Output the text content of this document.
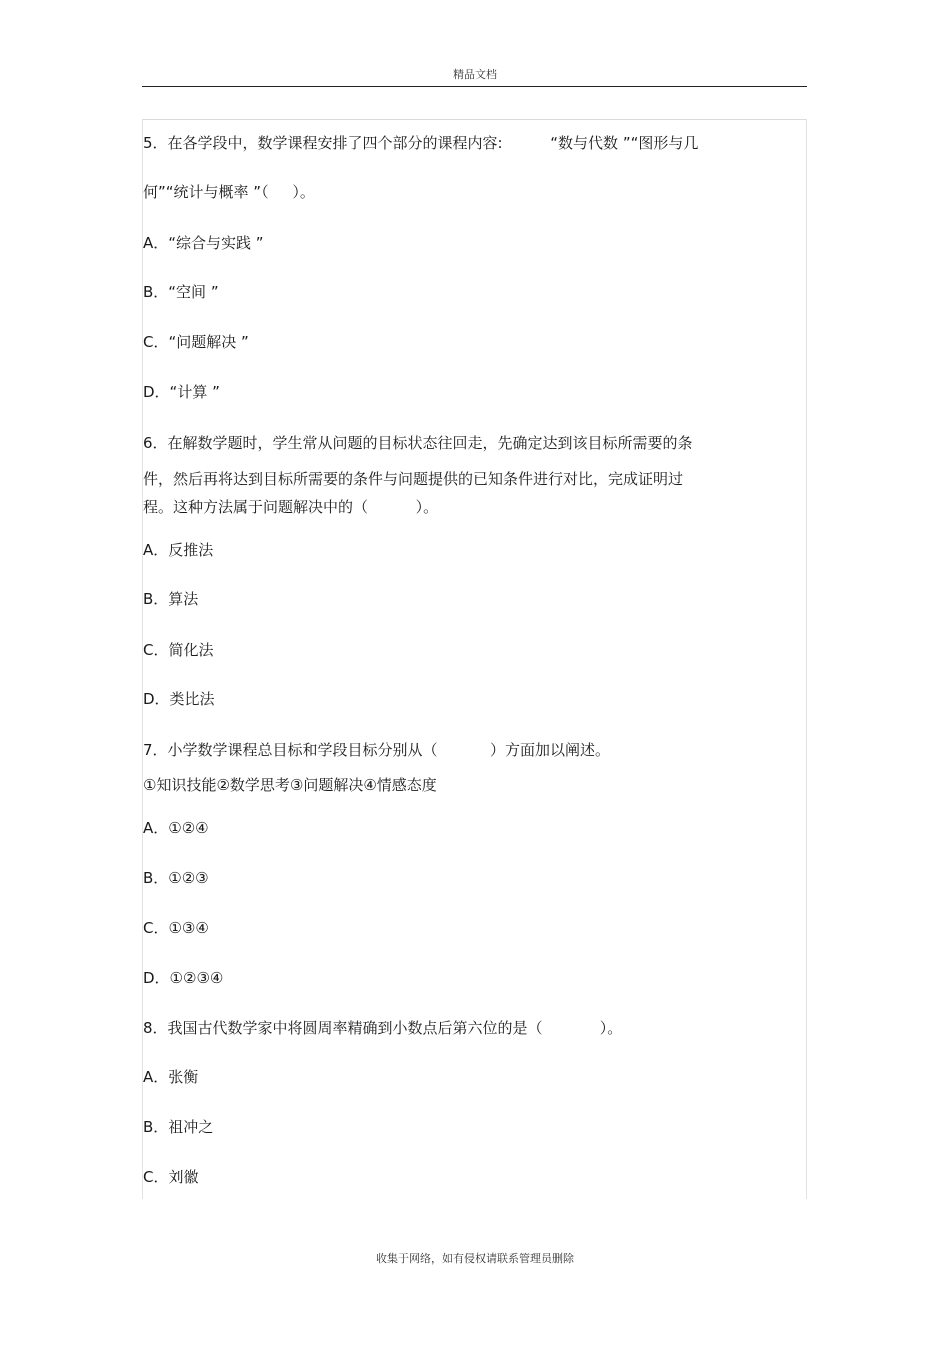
精品文档
5．在各学段中，数学课程安排了四个部分的课程内容:          “数与代数 ”“图形与几
何”“统计与概率 ”（     ）。
A．“综合与实践 ”
B．“空间 ”
C．“问题解决 ”
D．“计算 ”
6．在解数学题时，学生常从问题的目标状态往回走，先确定达到该目标所需要的条
件，然后再将达到目标所需要的条件与问题提供的已知条件进行对比，完成证明过
程。这种方法属于问题解决中的（          ）。
A．反推法
B．算法
C．简化法
D．类比法
7．小学数学课程总目标和学段目标分别从（           ）方面加以阐述。
①知识技能②数学思考③问题解决④情感态度
A．①②④
B．①②③
C．①③④
D．①②③④
8．我国古代数学家中将圆周率精确到小数点后第六位的是（            ）。
A．张衡
B．祖冲之
C．刘徽
收集于网络，如有侵权请联系管理员删除
